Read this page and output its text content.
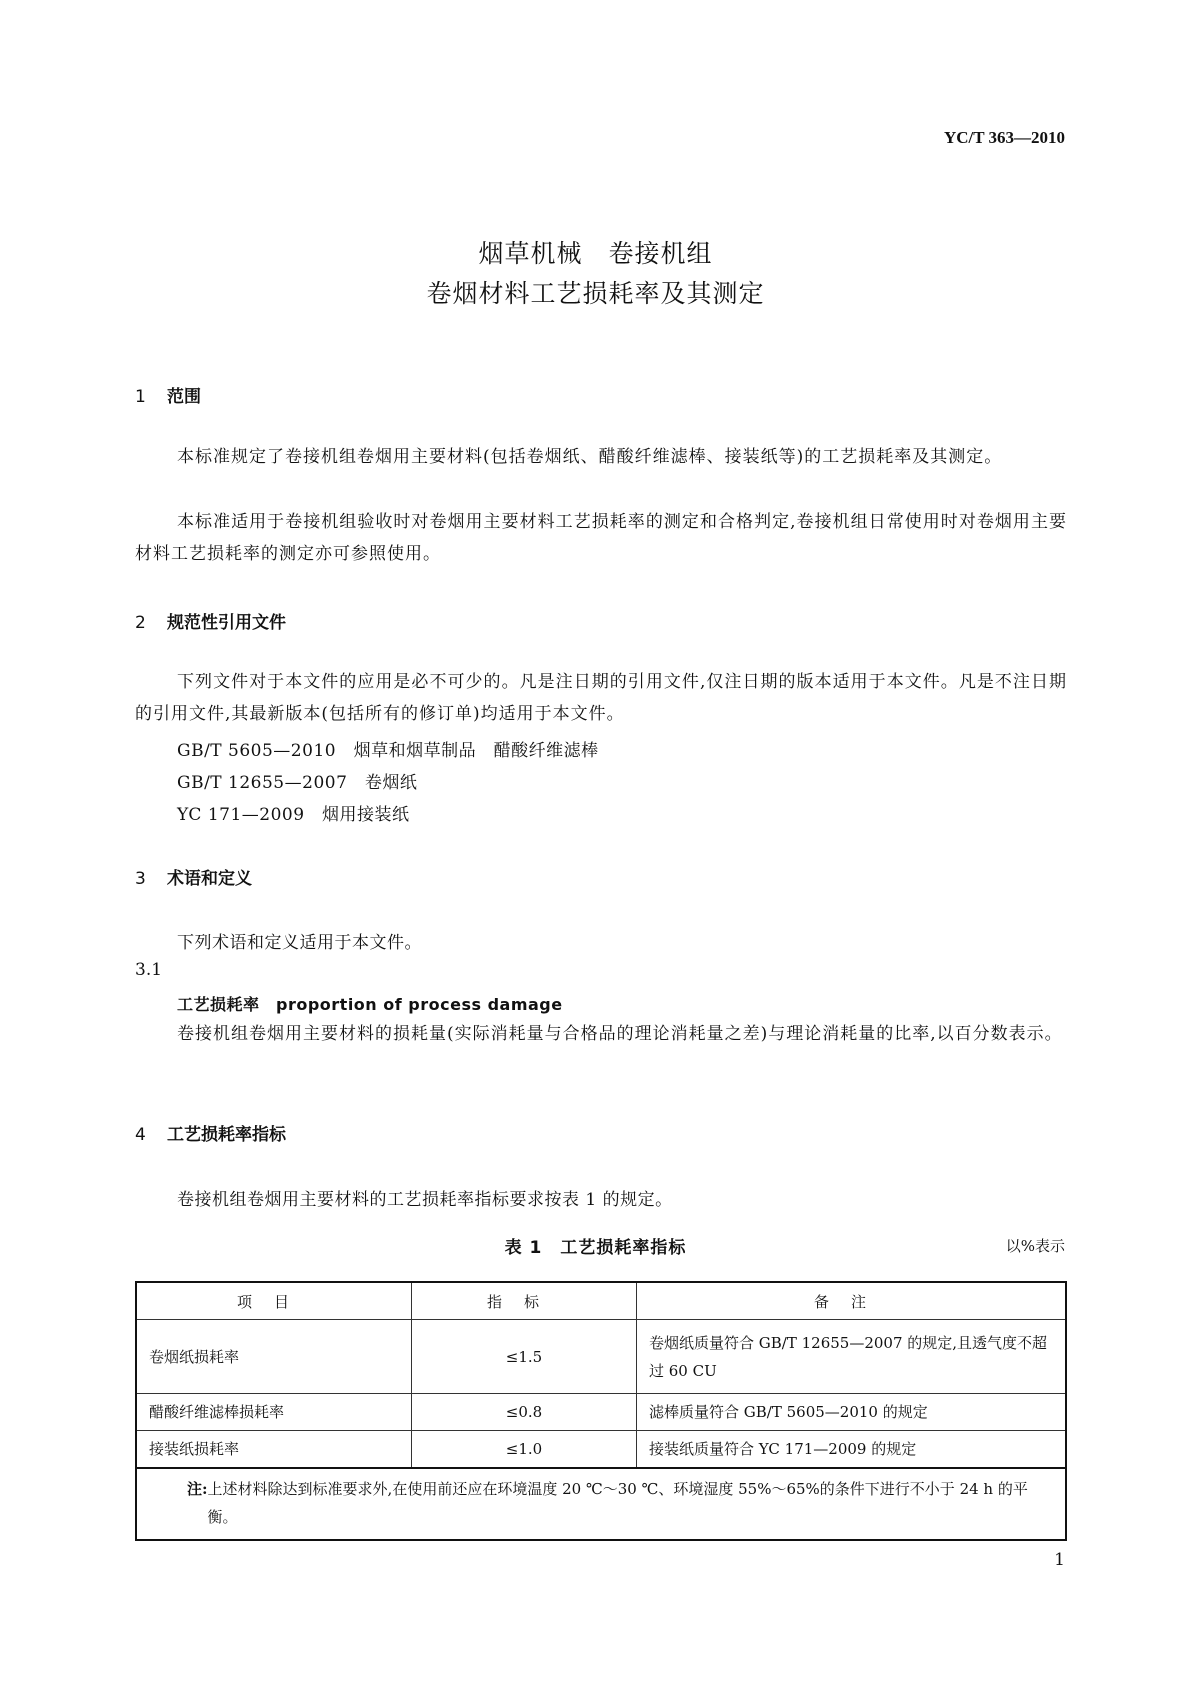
YC/T 363—2010
烟草机械　卷接机组
卷烟材料工艺损耗率及其测定
1 范围
本标准规定了卷接机组卷烟用主要材料(包括卷烟纸、醋酸纤维滤棒、接装纸等)的工艺损耗率及其测定。
本标准适用于卷接机组验收时对卷烟用主要材料工艺损耗率的测定和合格判定,卷接机组日常使用时对卷烟用主要材料工艺损耗率的测定亦可参照使用。
2 规范性引用文件
下列文件对于本文件的应用是必不可少的。凡是注日期的引用文件,仅注日期的版本适用于本文件。凡是不注日期的引用文件,其最新版本(包括所有的修订单)均适用于本文件。
GB/T 5605—2010　烟草和烟草制品　醋酸纤维滤棒
GB/T 12655—2007　卷烟纸
YC 171—2009　烟用接装纸
3 术语和定义
下列术语和定义适用于本文件。
3.1
工艺损耗率　proportion of process damage
卷接机组卷烟用主要材料的损耗量(实际消耗量与合格品的理论消耗量之差)与理论消耗量的比率,以百分数表示。
4 工艺损耗率指标
卷接机组卷烟用主要材料的工艺损耗率指标要求按表 1 的规定。
表 1　工艺损耗率指标	以%表示
项目	指标	备注
卷烟纸损耗率	≤1.5	卷烟纸质量符合 GB/T 12655—2007 的规定,且透气度不超过 60 CU
醋酸纤维滤棒损耗率	≤0.8	滤棒质量符合 GB/T 5605—2010 的规定
接装纸损耗率	≤1.0	接装纸质量符合 YC 171—2009 的规定

注: 上述材料除达到标准要求外,在使用前还应在环境温度 20 ℃～30 ℃、环境湿度 55%～65%的条件下进行不小于 24 h 的平衡。		
1
